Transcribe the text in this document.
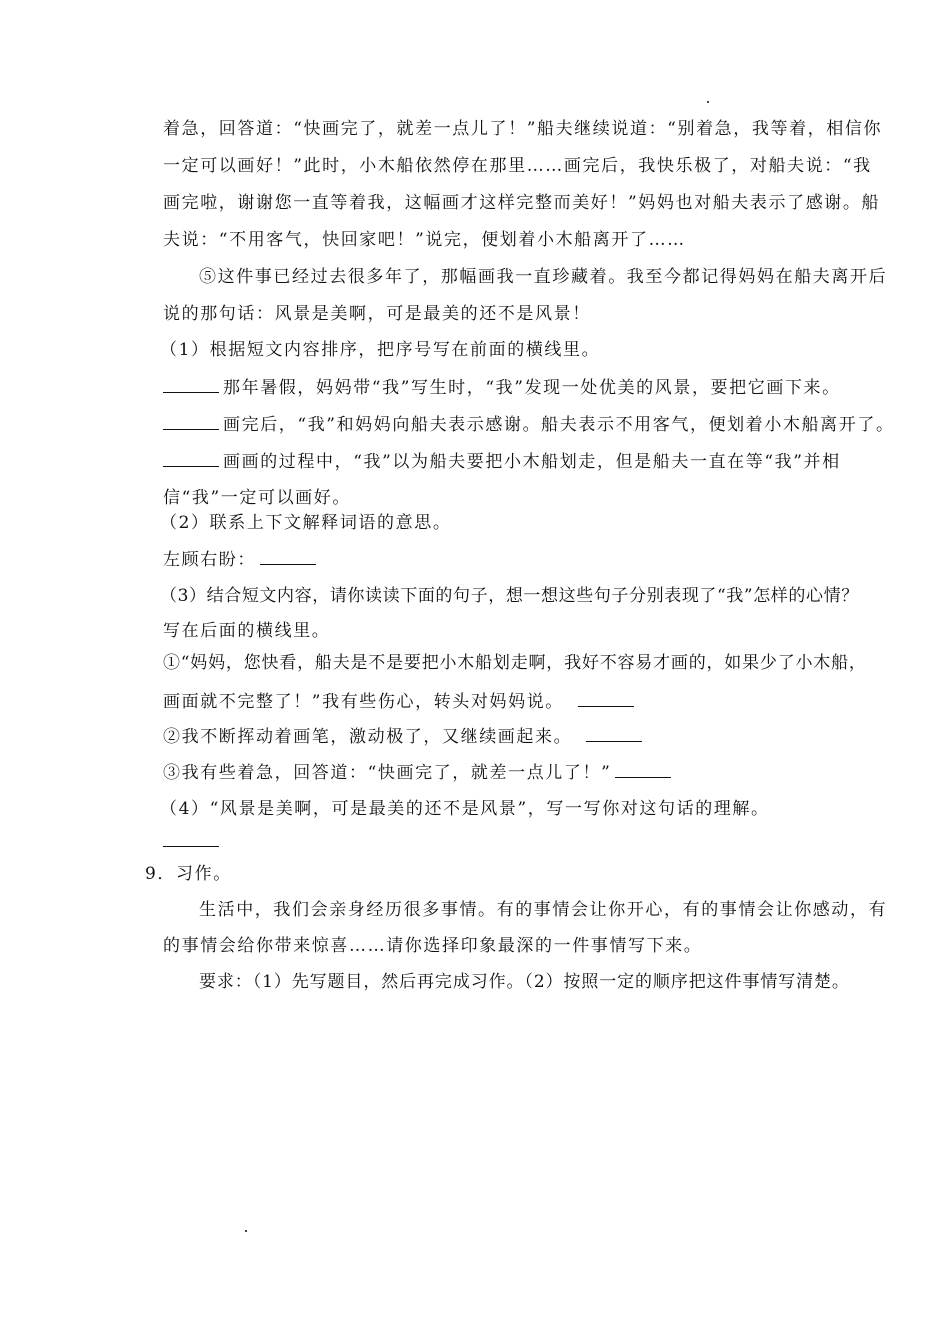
着急，回答道：“快画完了，就差一点儿了！”船夫继续说道：“别着急，我等着，相信你
一定可以画好！”此时，小木船依然停在那里……画完后，我快乐极了，对船夫说：“我
画完啦，谢谢您一直等着我，这幅画才这样完整而美好！”妈妈也对船夫表示了感谢。船
夫说：“不用客气，快回家吧！”说完，便划着小木船离开了……
⑤这件事已经过去很多年了，那幅画我一直珍藏着。我至今都记得妈妈在船夫离开后
说的那句话：风景是美啊，可是最美的还不是风景！
（1）根据短文内容排序，把序号写在前面的横线里。
那年暑假，妈妈带“我”写生时，“我”发现一处优美的风景，要把它画下来。
画完后，“我”和妈妈向船夫表示感谢。船夫表示不用客气，便划着小木船离开了。
画画的过程中，“我”以为船夫要把小木船划走，但是船夫一直在等“我”并相
信“我”一定可以画好。
（2）联系上下文解释词语的意思。
左顾右盼：
（3）结合短文内容，请你读读下面的句子，想一想这些句子分别表现了“我”怎样的心情？
写在后面的横线里。
①“妈妈，您快看，船夫是不是要把小木船划走啊，我好不容易才画的，如果少了小木船，
画面就不完整了！”我有些伤心，转头对妈妈说。
②我不断挥动着画笔，激动极了，又继续画起来。
③我有些着急，回答道：“快画完了，就差一点儿了！”
（4）“风景是美啊，可是最美的还不是风景”，写一写你对这句话的理解。
9．习作。
生活中，我们会亲身经历很多事情。有的事情会让你开心，有的事情会让你感动，有
的事情会给你带来惊喜……请你选择印象最深的一件事情写下来。
要求：（1）先写题目，然后再完成习作。（2）按照一定的顺序把这件事情写清楚。
